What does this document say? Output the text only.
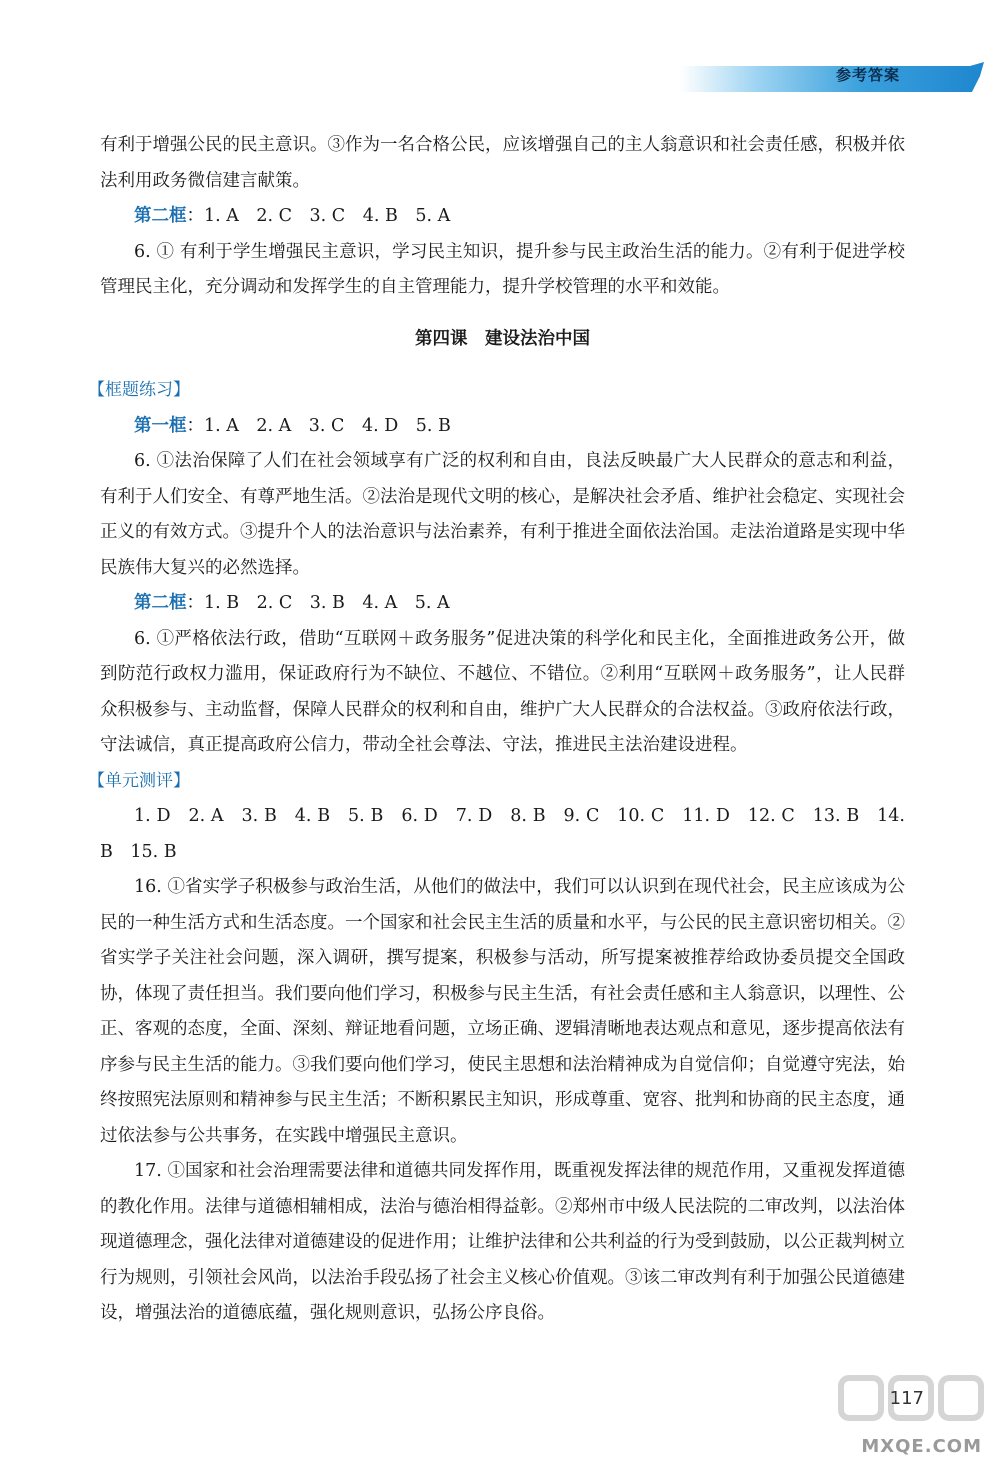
参考答案

有利于增强公民的民主意识。③作为一名合格公民，应该增强自己的主人翁意识和社会责任感，积极并依法利用政务微信建言献策。

第二框：1. A　2. C　3. C　4. B　5. A

6. ① 有利于学生增强民主意识，学习民主知识，提升参与民主政治生活的能力。②有利于促进学校管理民主化，充分调动和发挥学生的自主管理能力，提升学校管理的水平和效能。

第四课　建设法治中国
【框题练习】

第一框：1. A　2. A　3. C　4. D　5. B

6. ①法治保障了人们在社会领域享有广泛的权利和自由，良法反映最广大人民群众的意志和利益，有利于人们安全、有尊严地生活。②法治是现代文明的核心，是解决社会矛盾、维护社会稳定、实现社会正义的有效方式。③提升个人的法治意识与法治素养，有利于推进全面依法治国。走法治道路是实现中华民族伟大复兴的必然选择。

第二框：1. B　2. C　3. B　4. A　5. A

6. ①严格依法行政，借助“互联网＋政务服务”促进决策的科学化和民主化，全面推进政务公开，做到防范行政权力滥用，保证政府行为不缺位、不越位、不错位。②利用“互联网＋政务服务”，让人民群众积极参与、主动监督，保障人民群众的权利和自由，维护广大人民群众的合法权益。③政府依法行政，守法诚信，真正提高政府公信力，带动全社会尊法、守法，推进民主法治建设进程。

【单元测评】

1. D　2. A　3. B　4. B　5. B　6. D　7. D　8. B　9. C　10. C　11. D　12. C　13. B　14. B　15. B

16. ①省实学子积极参与政治生活，从他们的做法中，我们可以认识到在现代社会，民主应该成为公民的一种生活方式和生活态度。一个国家和社会民主生活的质量和水平，与公民的民主意识密切相关。②省实学子关注社会问题，深入调研，撰写提案，积极参与活动，所写提案被推荐给政协委员提交全国政协，体现了责任担当。我们要向他们学习，积极参与民主生活，有社会责任感和主人翁意识，以理性、公正、客观的态度，全面、深刻、辩证地看问题，立场正确、逻辑清晰地表达观点和意见，逐步提高依法有序参与民主生活的能力。③我们要向他们学习，使民主思想和法治精神成为自觉信仰；自觉遵守宪法，始终按照宪法原则和精神参与民主生活；不断积累民主知识，形成尊重、宽容、批判和协商的民主态度，通过依法参与公共事务，在实践中增强民主意识。

17. ①国家和社会治理需要法律和道德共同发挥作用，既重视发挥法律的规范作用，又重视发挥道德的教化作用。法律与道德相辅相成，法治与德治相得益彰。②郑州市中级人民法院的二审改判，以法治体现道德理念，强化法律对道德建设的促进作用；让维护法律和公共利益的行为受到鼓励，以公正裁判树立行为规则，引领社会风尚，以法治手段弘扬了社会主义核心价值观。③该二审改判有利于加强公民道德建设，增强法治的道德底蕴，强化规则意识，弘扬公序良俗。

117
MXQE.COM
